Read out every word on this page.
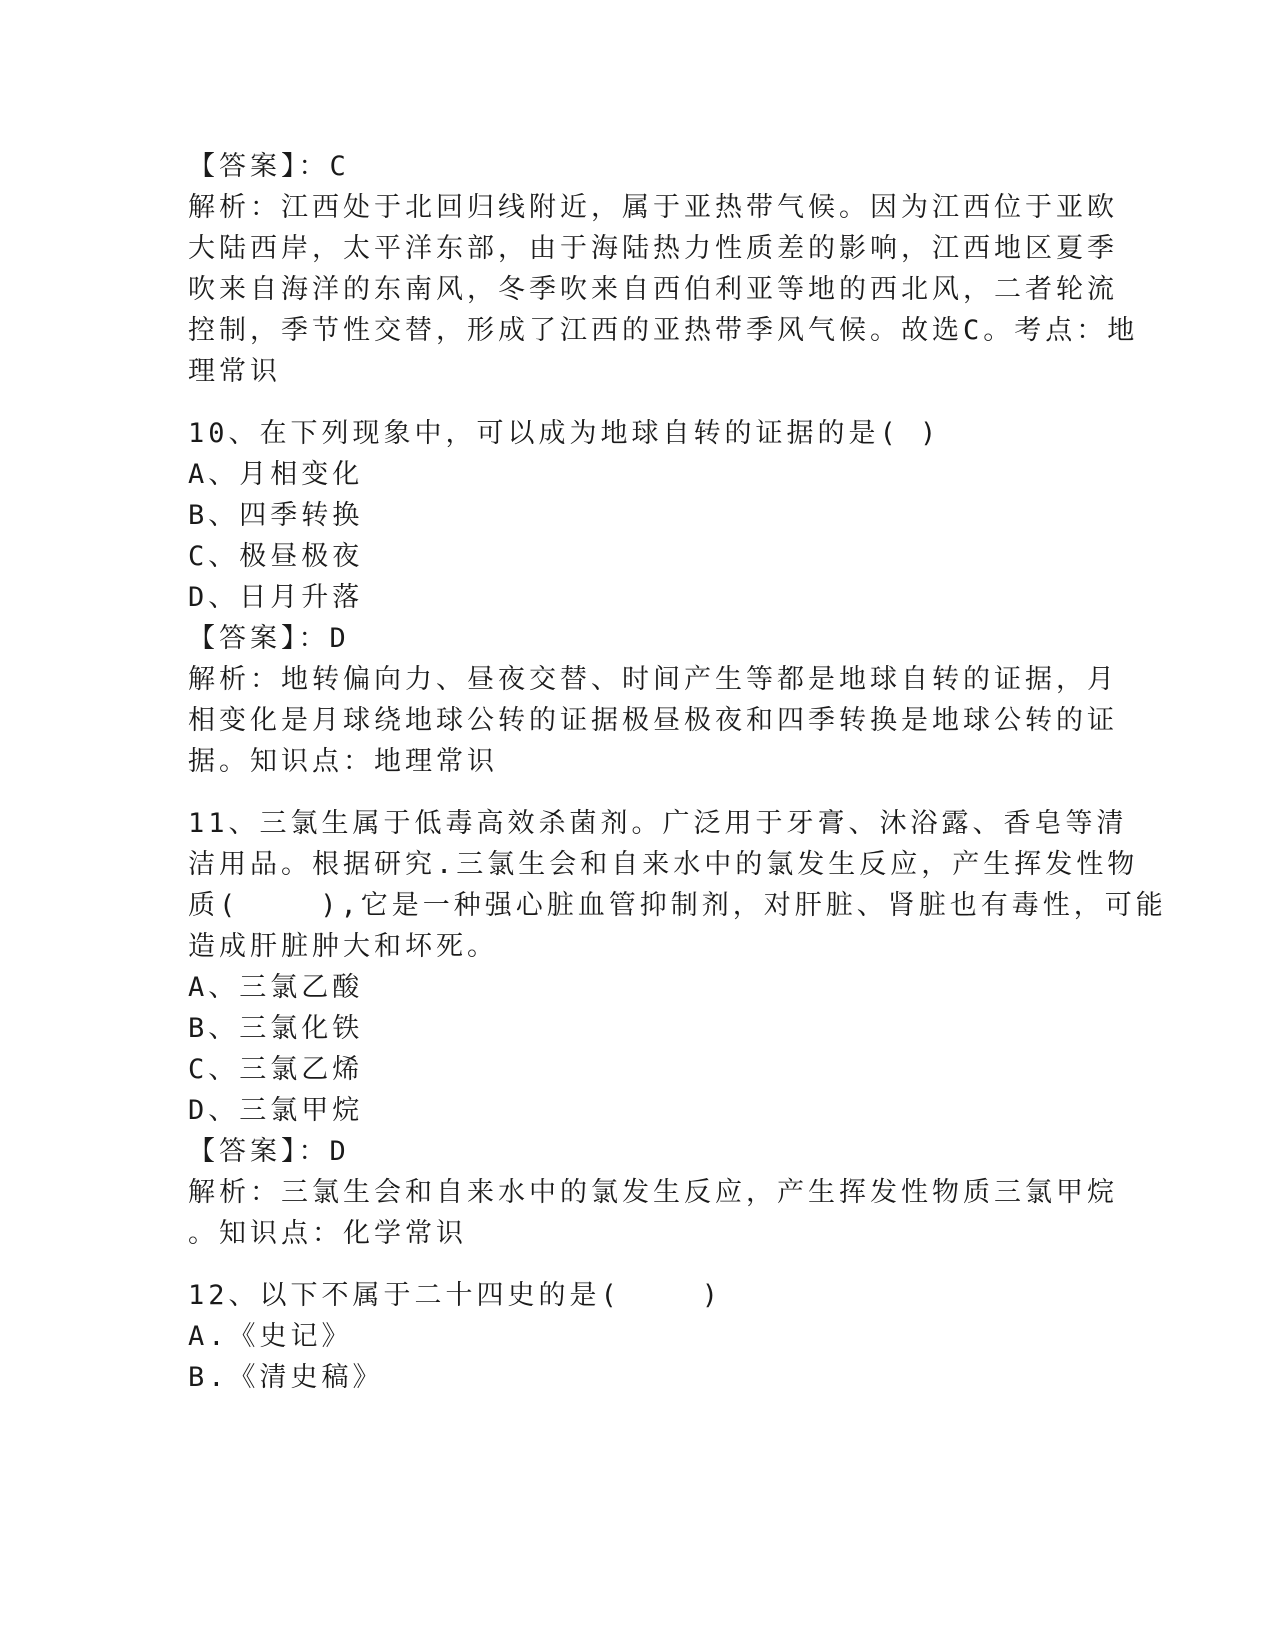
【答案】：C
解析：江西处于北回归线附近，属于亚热带气候。因为江西位于亚欧
大陆西岸，太平洋东部，由于海陆热力性质差的影响，江西地区夏季
吹来自海洋的东南风，冬季吹来自西伯利亚等地的西北风，二者轮流
控制，季节性交替，形成了江西的亚热带季风气候。故选C。考点：地
理常识
10、在下列现象中，可以成为地球自转的证据的是( )
A、月相变化
B、四季转换
C、极昼极夜
D、日月升落
【答案】：D
解析：地转偏向力、昼夜交替、时间产生等都是地球自转的证据，月
相变化是月球绕地球公转的证据极昼极夜和四季转换是地球公转的证
据。知识点：地理常识
11、三氯生属于低毒高效杀菌剂。广泛用于牙膏、沐浴露、香皂等清
洁用品。根据研究.三氯生会和自来水中的氯发生反应，产生挥发性物
质(    ),它是一种强心脏血管抑制剂，对肝脏、肾脏也有毒性，可能
造成肝脏肿大和坏死。
A、三氯乙酸
B、三氯化铁
C、三氯乙烯
D、三氯甲烷
【答案】：D
解析：三氯生会和自来水中的氯发生反应，产生挥发性物质三氯甲烷
。知识点：化学常识
12、以下不属于二十四史的是(    )
A.《史记》
B.《清史稿》
